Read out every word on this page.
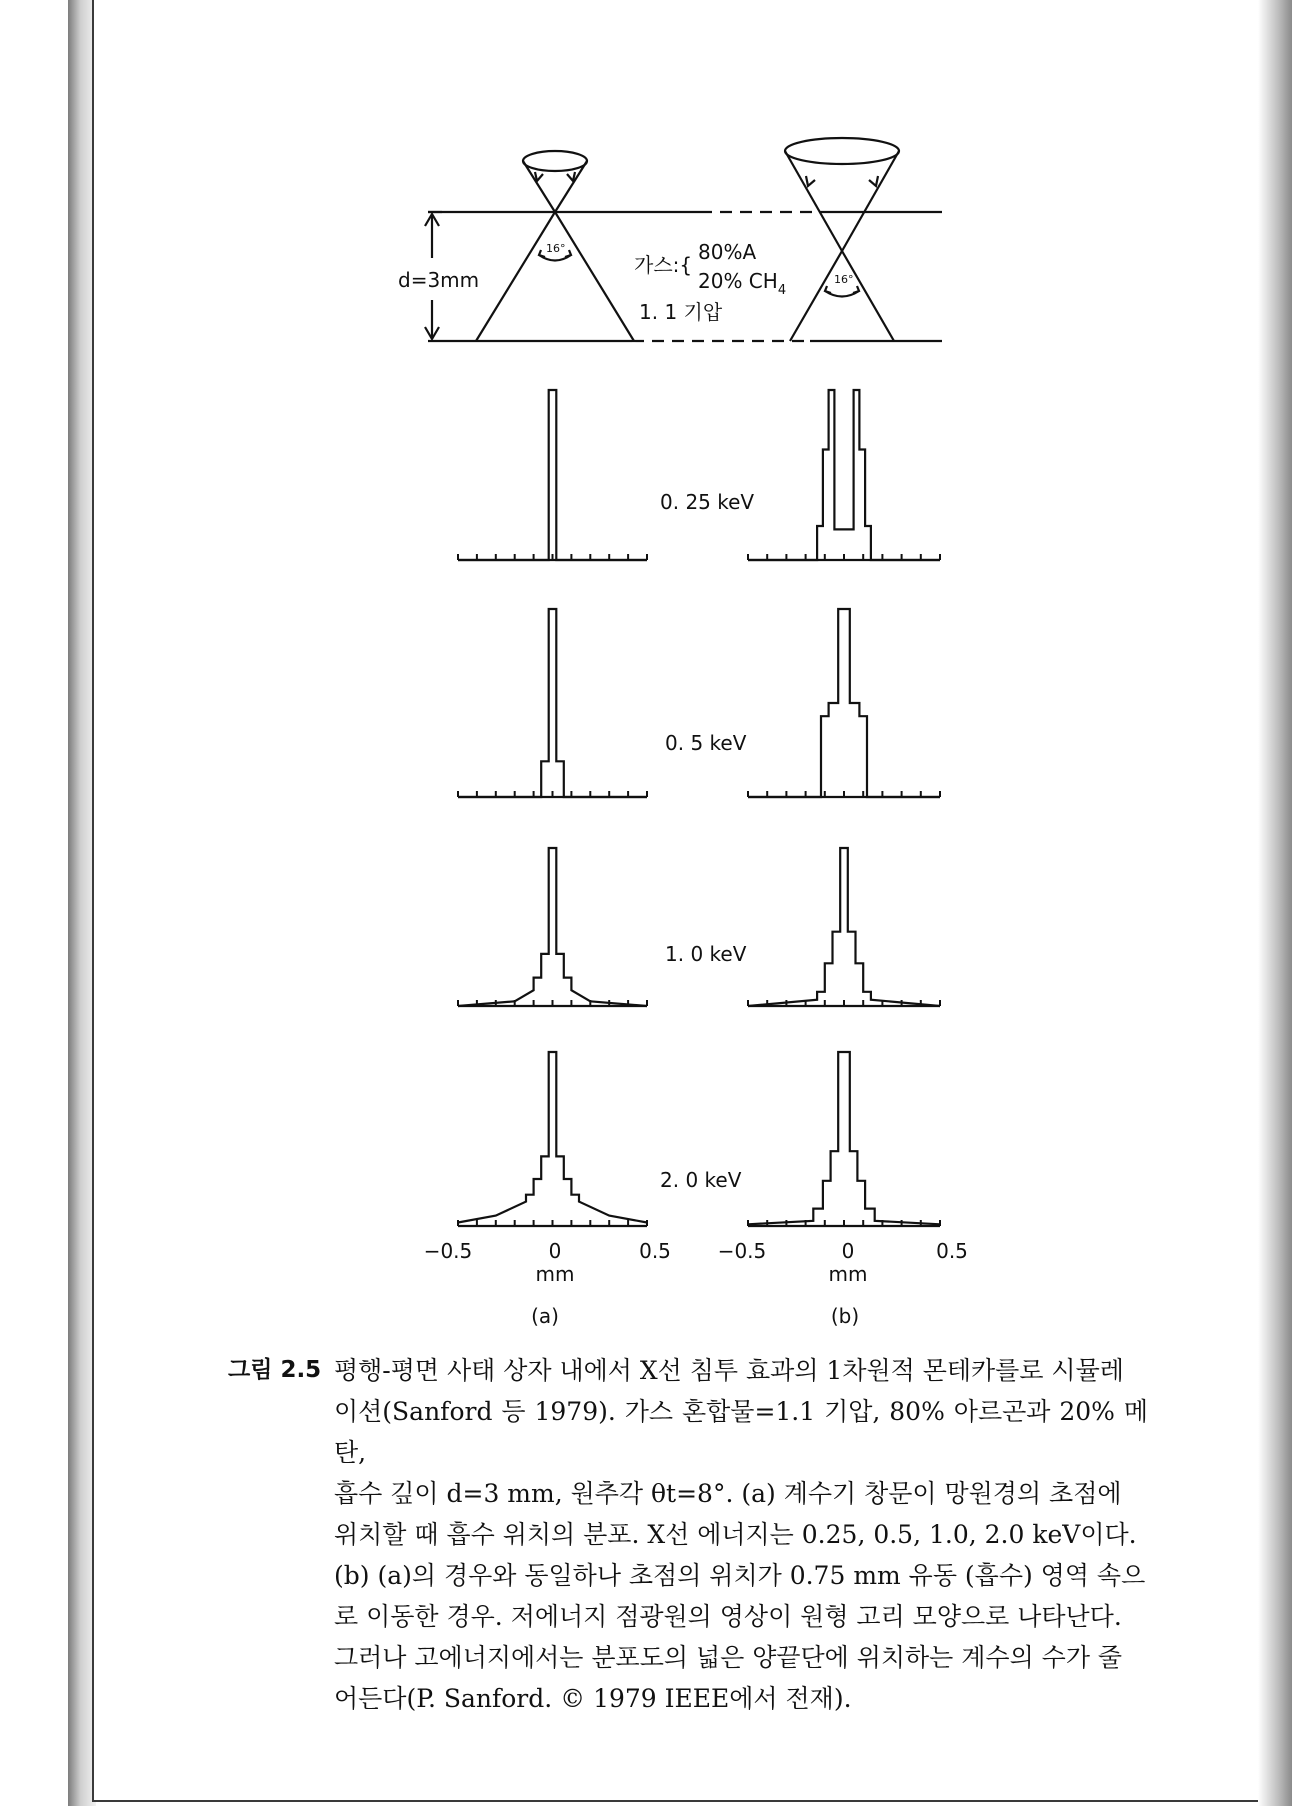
d=3mm
16°
16°
가스:{
80%A
20% $CH_4$
1. 1 기압
0. 25 keV
0. 5 keV
1. 0 keV
2. 0 keV
−0.5	0	0.5
mm
(a)
−0.5	0	0.5
mm
(b)
그림 2.5 평행-평면 사태 상자 내에서 X선 침투 효과의 1차원적 몬테카를로 시뮬레
이션(Sanford 등 1979). 가스 혼합물=1.1 기압, 80% 아르곤과 20% 메탄,
흡수 깊이 d=3 mm, 원추각 θt=8°. (a) 계수기 창문이 망원경의 초점에
위치할 때 흡수 위치의 분포. X선 에너지는 0.25, 0.5, 1.0, 2.0 keV이다.
(b) (a)의 경우와 동일하나 초점의 위치가 0.75 mm 유동 (흡수) 영역 속으
로 이동한 경우. 저에너지 점광원의 영상이 원형 고리 모양으로 나타난다.
그러나 고에너지에서는 분포도의 넓은 양끝단에 위치하는 계수의 수가 줄
어든다(P. Sanford. © 1979 IEEE에서 전재).
